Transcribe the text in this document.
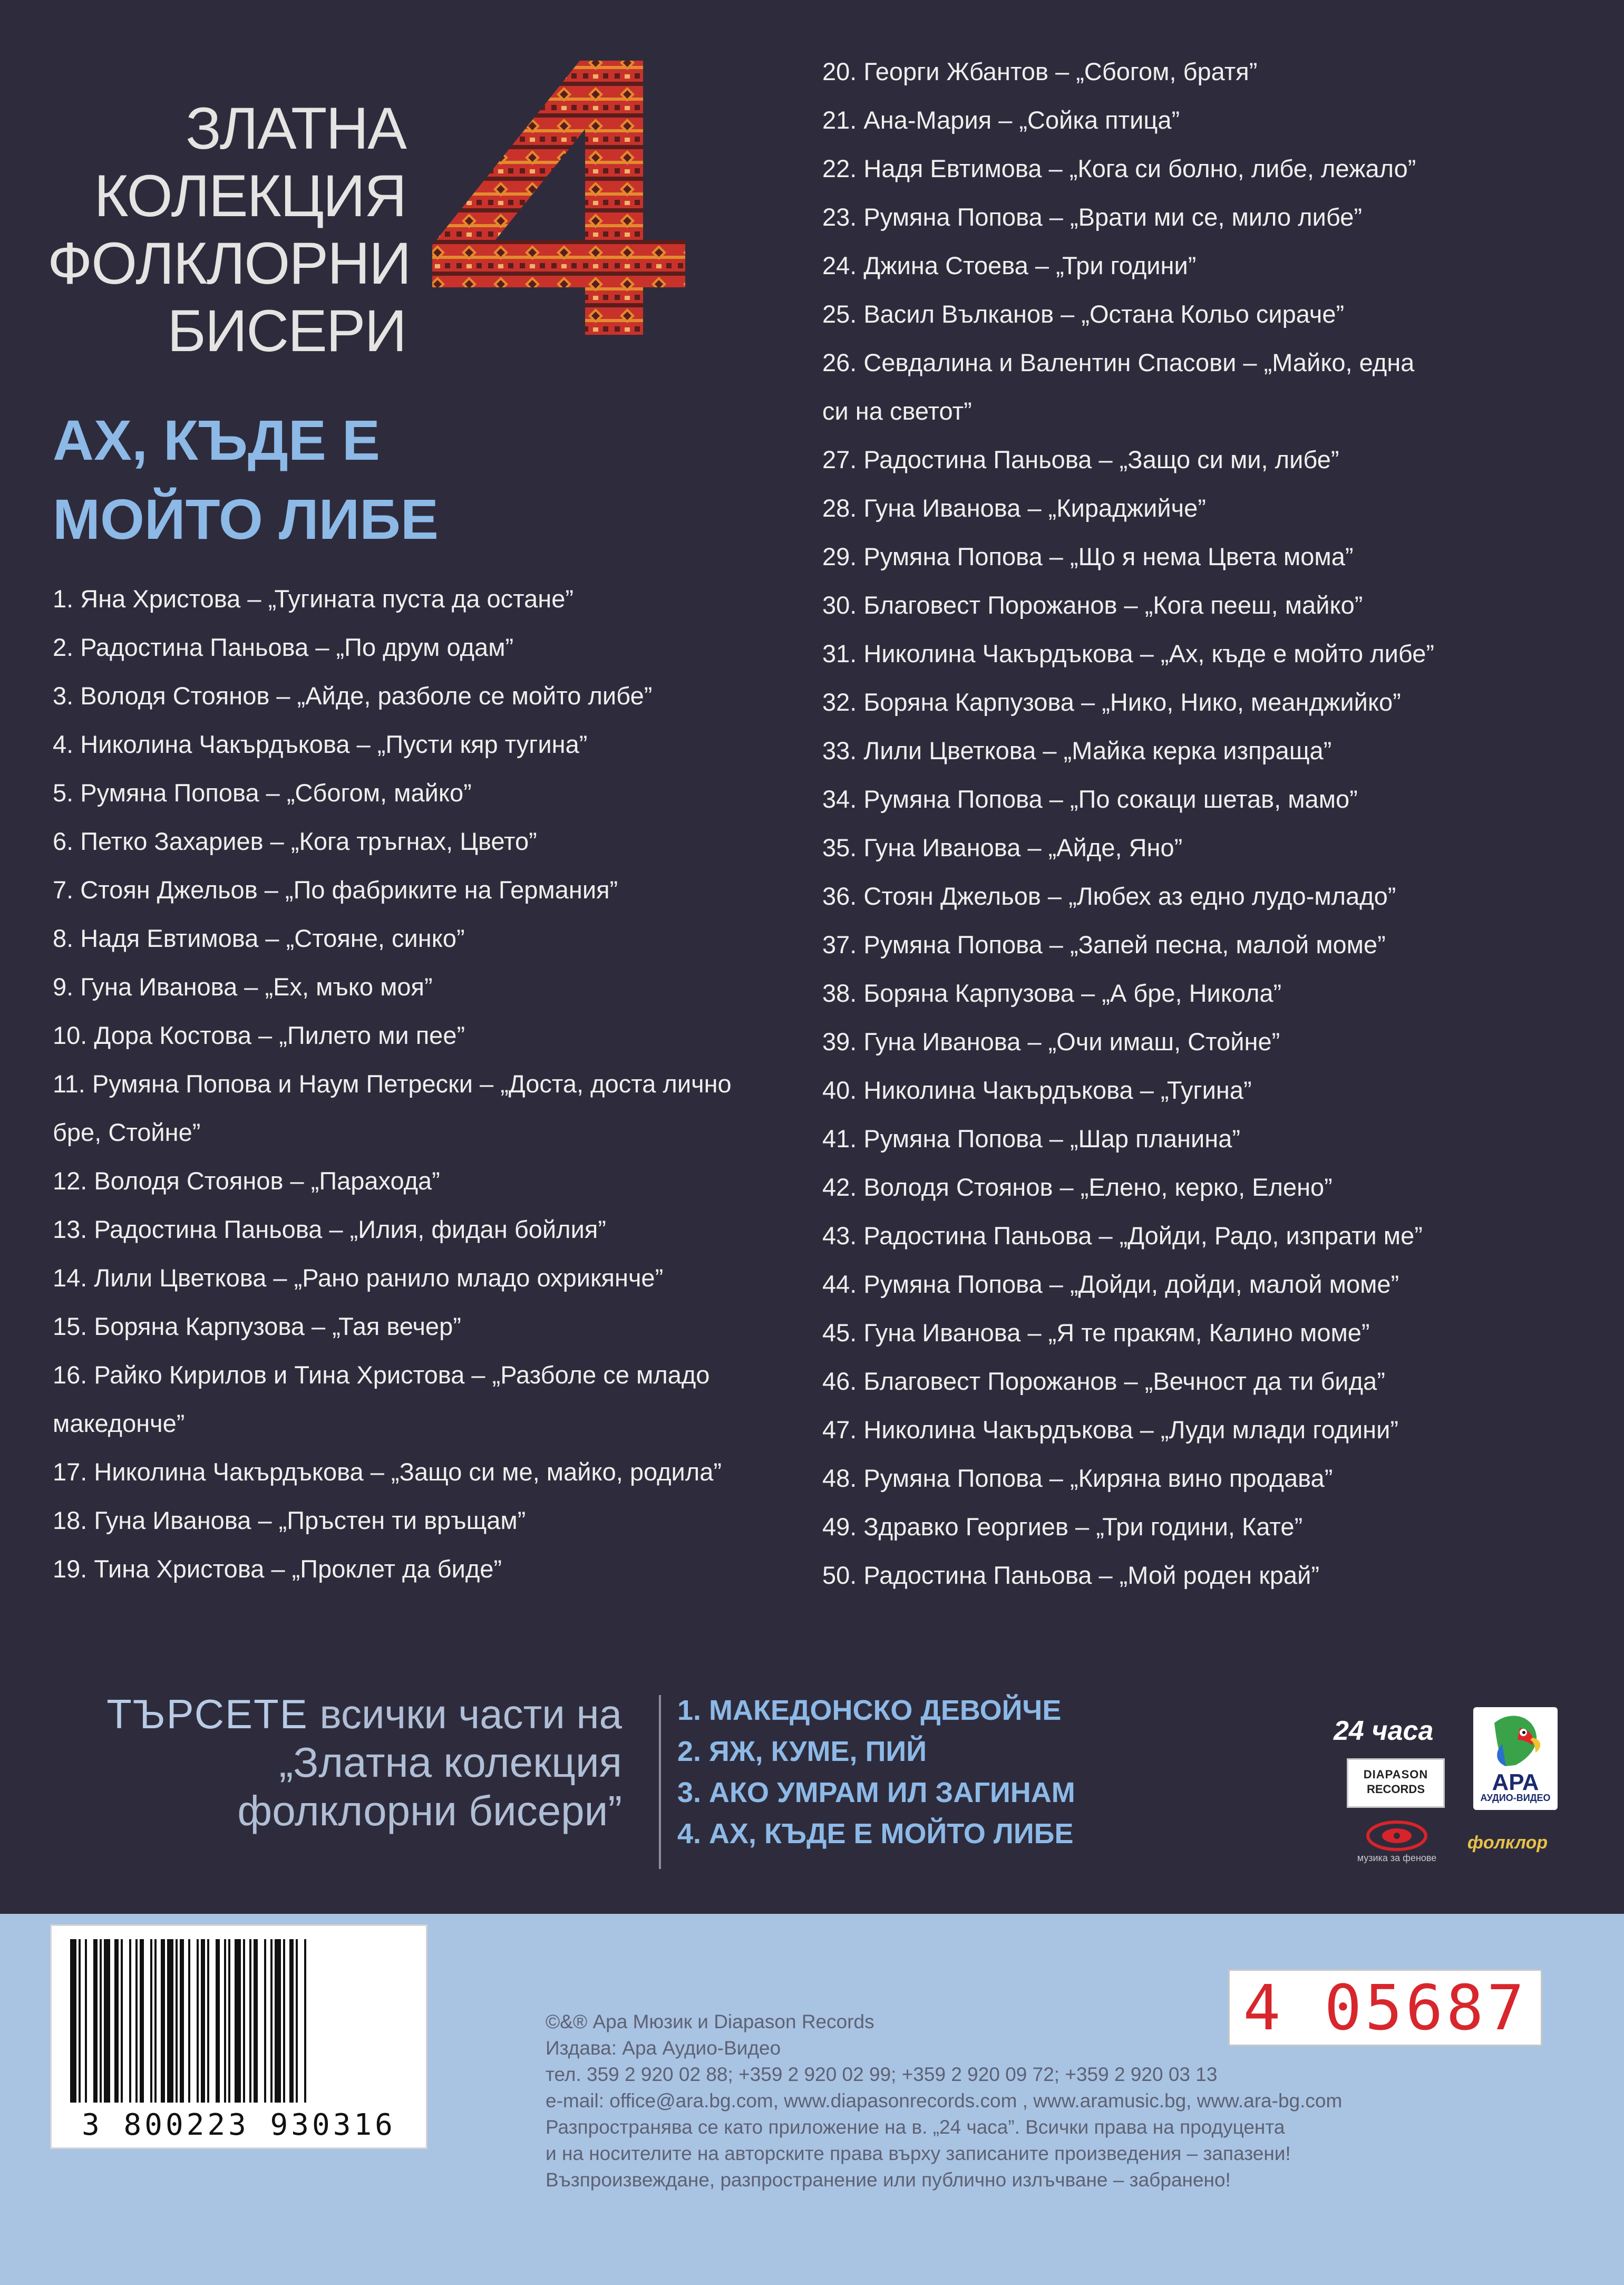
ЗЛАТНА
КОЛЕКЦИЯ
ФОЛКЛОРНИ
БИСЕРИ
АХ, КЪДЕ Е
МОЙТО ЛИБЕ
1. Яна Христова – „Тугината пуста да остане”
2. Радостина Паньова – „По друм одам”
3. Володя Стоянов – „Айде, разболе се мойто либе”
4. Николина Чакърдъкова – „Пусти кяр тугина”
5. Румяна Попова – „Сбогом, майко”
6. Петко Захариев – „Кога тръгнах, Цвето”
7. Стоян Джельов – „По фабриките на Германия”
8. Надя Евтимова – „Стояне, синко”
9. Гуна Иванова – „Ех, мъко моя”
10. Дора Костова – „Пилето ми пее”
11. Румяна Попова и Наум Петрески – „Доста, доста лично бре, Стойне”
12. Володя Стоянов – „Парахода”
13. Радостина Паньова – „Илия, фидан бойлия”
14. Лили Цветкова – „Рано ранило младо охрикянче”
15. Боряна Карпузова – „Тая вечер”
16. Райко Кирилов и Тина Христова – „Разболе се младо македонче”
17. Николина Чакърдъкова – „Защо си ме, майко, родила”
18. Гуна Иванова – „Пръстен ти връщам”
19. Тина Христова – „Проклет да биде”
20. Георги Жбантов – „Сбогом, братя”
21. Ана-Мария – „Сойка птица”
22. Надя Евтимова – „Кога си болно, либе, лежало”
23. Румяна Попова – „Врати ми се, мило либе”
24. Джина Стоева – „Три години”
25. Васил Вълканов – „Остана Кольо сираче”
26. Севдалина и Валентин Спасови – „Майко, една си на светот”
27. Радостина Паньова – „Защо си ми, либе”
28. Гуна Иванова – „Кираджийче”
29. Румяна Попова – „Що я нема Цвета мома”
30. Благовест Порожанов – „Кога пееш, майко”
31. Николина Чакърдъкова – „Ах, къде е мойто либе”
32. Боряна Карпузова – „Нико, Нико, меанджийко”
33. Лили Цветкова – „Майка керка изпраща”
34. Румяна Попова – „По сокаци шетав, мамо”
35. Гуна Иванова – „Айде, Яно”
36. Стоян Джельов – „Любех аз едно лудо-младо”
37. Румяна Попова – „Запей песна, малой моме”
38. Боряна Карпузова – „А бре, Никола”
39. Гуна Иванова – „Очи имаш, Стойне”
40. Николина Чакърдъкова – „Тугина”
41. Румяна Попова – „Шар планина”
42. Володя Стоянов – „Елено, керко, Елено”
43. Радостина Паньова – „Дойди, Радо, изпрати ме”
44. Румяна Попова – „Дойди, дойди, малой моме”
45. Гуна Иванова – „Я те пракям, Калино моме”
46. Благовест Порожанов – „Вечност да ти бида”
47. Николина Чакърдъкова – „Луди млади години”
48. Румяна Попова – „Киряна вино продава”
49. Здравко Георгиев – „Три години, Кате”
50. Радостина Паньова – „Мой роден край”
ТЪРСЕТЕ всички части на
„Златна колекция
фолклорни бисери”
1. МАКЕДОНСКО ДЕВОЙЧЕ
2. ЯЖ, КУМЕ, ПИЙ
3. АКО УМРАМ ИЛ ЗАГИНАМ
4. АХ, КЪДЕ Е МОЙТО ЛИБЕ
24 часа
DIAPASON
RECORDS	АРА
АУДИО-ВИДЕО
музика за фенове
фолклор
3 800223 930316
4 05687
©&® Ара Мюзик и Diapason Records
Издава: Ара Аудио-Видео
тел. 359 2 920 02 88; +359 2 920 02 99; +359 2 920 09 72; +359 2 920 03 13
e-mail: office@ara.bg.com, www.diapasonrecords.com , www.aramusic.bg, www.ara-bg.com
Разпространява се като приложение на в. „24 часа”. Всички права на продуцента
и на носителите на авторските права върху записаните произведения – запазени!
Възпроизвеждане, разпространение или публично излъчване – забранено!
